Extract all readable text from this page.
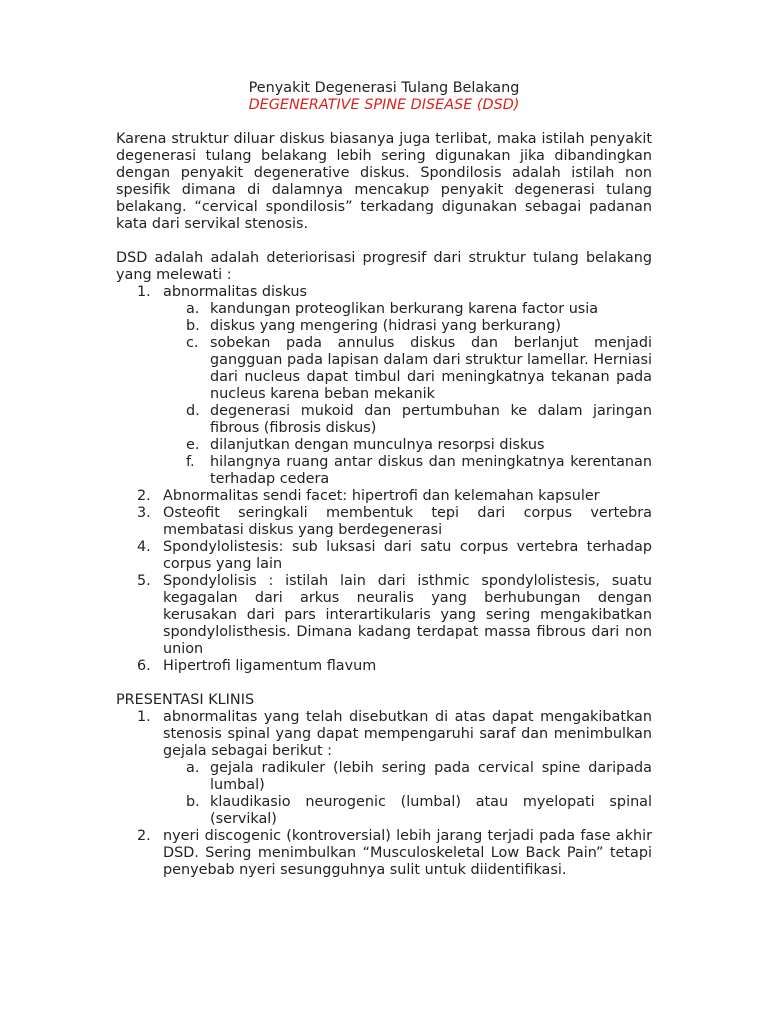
Penyakit Degenerasi Tulang Belakang

DEGENERATIVE SPINE DISEASE (DSD)

Karena struktur diluar diskus biasanya juga terlibat, maka istilah penyakit degenerasi tulang belakang lebih sering digunakan jika dibandingkan dengan penyakit degenerative diskus. Spondilosis adalah istilah non spesifik dimana di dalamnya mencakup penyakit degenerasi tulang belakang. “cervical spondilosis” terkadang digunakan sebagai padanan kata dari servikal stenosis.

DSD adalah adalah deteriorisasi progresif dari struktur tulang belakang yang melewati :

1. abnormalitas diskus
a. kandungan proteoglikan berkurang karena factor usia
b. diskus yang mengering (hidrasi yang berkurang)
c. sobekan pada annulus diskus dan berlanjut menjadi gangguan pada lapisan dalam dari struktur lamellar. Herniasi dari nucleus dapat timbul dari meningkatnya tekanan pada nucleus karena beban mekanik
d. degenerasi mukoid dan pertumbuhan ke dalam jaringan fibrous (fibrosis diskus)
e. dilanjutkan dengan munculnya resorpsi diskus
f. hilangnya ruang antar diskus dan meningkatnya kerentanan terhadap cedera
2. Abnormalitas sendi facet: hipertrofi dan kelemahan kapsuler
3. Osteofit seringkali membentuk tepi dari corpus vertebra membatasi diskus yang berdegenerasi
4. Spondylolistesis: sub luksasi dari satu corpus vertebra terhadap corpus yang lain
5. Spondylolisis : istilah lain dari isthmic spondylolistesis, suatu kegagalan dari arkus neuralis yang berhubungan dengan kerusakan dari pars interartikularis yang sering mengakibatkan spondylolisthesis. Dimana kadang terdapat massa fibrous dari non union
6. Hipertrofi ligamentum flavum

PRESENTASI KLINIS

1. abnormalitas yang telah disebutkan di atas dapat mengakibatkan stenosis spinal yang dapat mempengaruhi saraf dan menimbulkan gejala sebagai berikut :
a. gejala radikuler (lebih sering pada cervical spine daripada lumbal)
b. klaudikasio neurogenic (lumbal) atau myelopati spinal (servikal)
2. nyeri discogenic (kontroversial) lebih jarang terjadi pada fase akhir DSD. Sering menimbulkan “Musculoskeletal Low Back Pain” tetapi penyebab nyeri sesungguhnya sulit untuk diidentifikasi.
